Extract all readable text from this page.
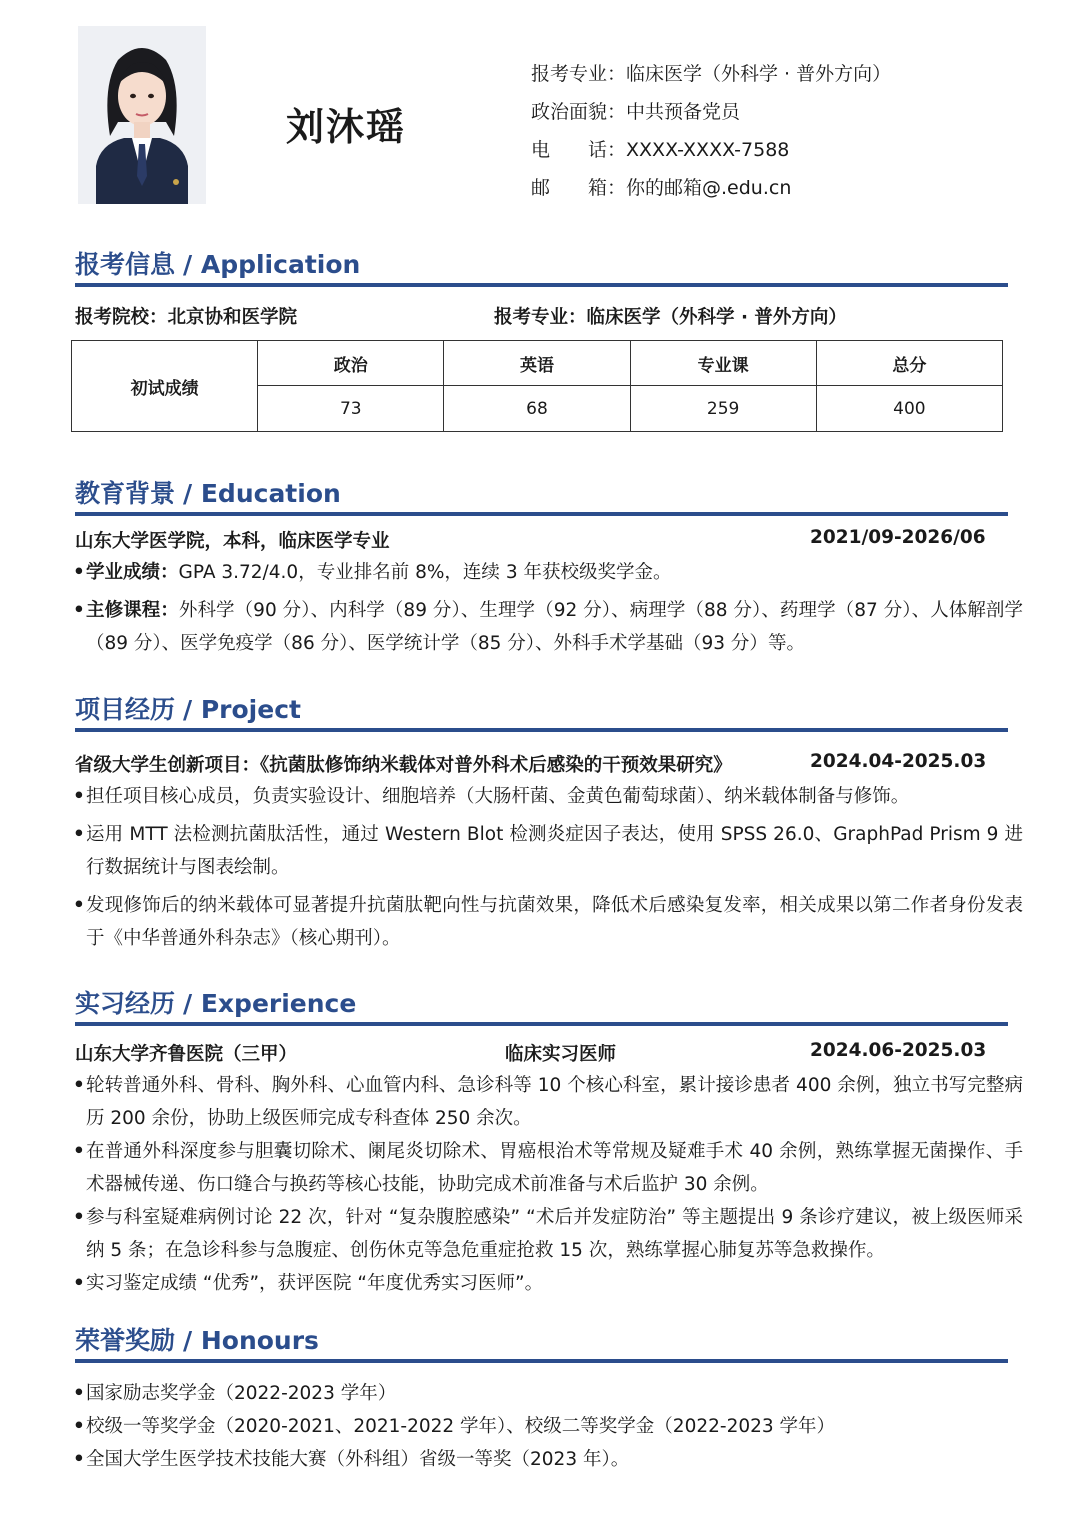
刘沐瑶
报考专业：临床医学（外科学 · 普外方向）
政治面貌：中共预备党员
电　　话：XXXX-XXXX-7588
邮　　箱：你的邮箱@.edu.cn
报考信息 / Application
报考院校：北京协和医学院	报考专业：临床医学（外科学 · 普外方向）
初试成绩	政治	英语	专业课	总分
	73	68	259	400
教育背景 / Education
山东大学医学院，本科，临床医学专业	2021/09-2026/06
• 学业成绩：GPA 3.72/4.0，专业排名前 8%，连续 3 年获校级奖学金。
• 主修课程：外科学（90 分）、内科学（89 分）、生理学（92 分）、病理学（88 分）、药理学（87 分）、人体解剖学（89 分）、医学免疫学（86 分）、医学统计学（85 分）、外科手术学基础（93 分）等。
项目经历 / Project
省级大学生创新项目：《抗菌肽修饰纳米载体对普外科术后感染的干预效果研究》	2024.04-2025.03
• 担任项目核心成员，负责实验设计、细胞培养（大肠杆菌、金黄色葡萄球菌）、纳米载体制备与修饰。
• 运用 MTT 法检测抗菌肽活性，通过 Western Blot 检测炎症因子表达，使用 SPSS 26.0、GraphPad Prism 9 进行数据统计与图表绘制。
• 发现修饰后的纳米载体可显著提升抗菌肽靶向性与抗菌效果，降低术后感染复发率，相关成果以第二作者身份发表于《中华普通外科杂志》（核心期刊）。
实习经历 / Experience
山东大学齐鲁医院（三甲）	临床实习医师	2024.06-2025.03
• 轮转普通外科、骨科、胸外科、心血管内科、急诊科等 10 个核心科室，累计接诊患者 400 余例，独立书写完整病历 200 余份，协助上级医师完成专科查体 250 余次。
• 在普通外科深度参与胆囊切除术、阑尾炎切除术、胃癌根治术等常规及疑难手术 40 余例，熟练掌握无菌操作、手术器械传递、伤口缝合与换药等核心技能，协助完成术前准备与术后监护 30 余例。
• 参与科室疑难病例讨论 22 次，针对 “复杂腹腔感染” “术后并发症防治” 等主题提出 9 条诊疗建议，被上级医师采纳 5 条；在急诊科参与急腹症、创伤休克等急危重症抢救 15 次，熟练掌握心肺复苏等急救操作。
• 实习鉴定成绩 “优秀”，获评医院 “年度优秀实习医师”。
荣誉奖励 / Honours
• 国家励志奖学金（2022-2023 学年）
• 校级一等奖学金（2020-2021、2021-2022 学年）、校级二等奖学金（2022-2023 学年）
• 全国大学生医学技术技能大赛（外科组）省级一等奖（2023 年）。
